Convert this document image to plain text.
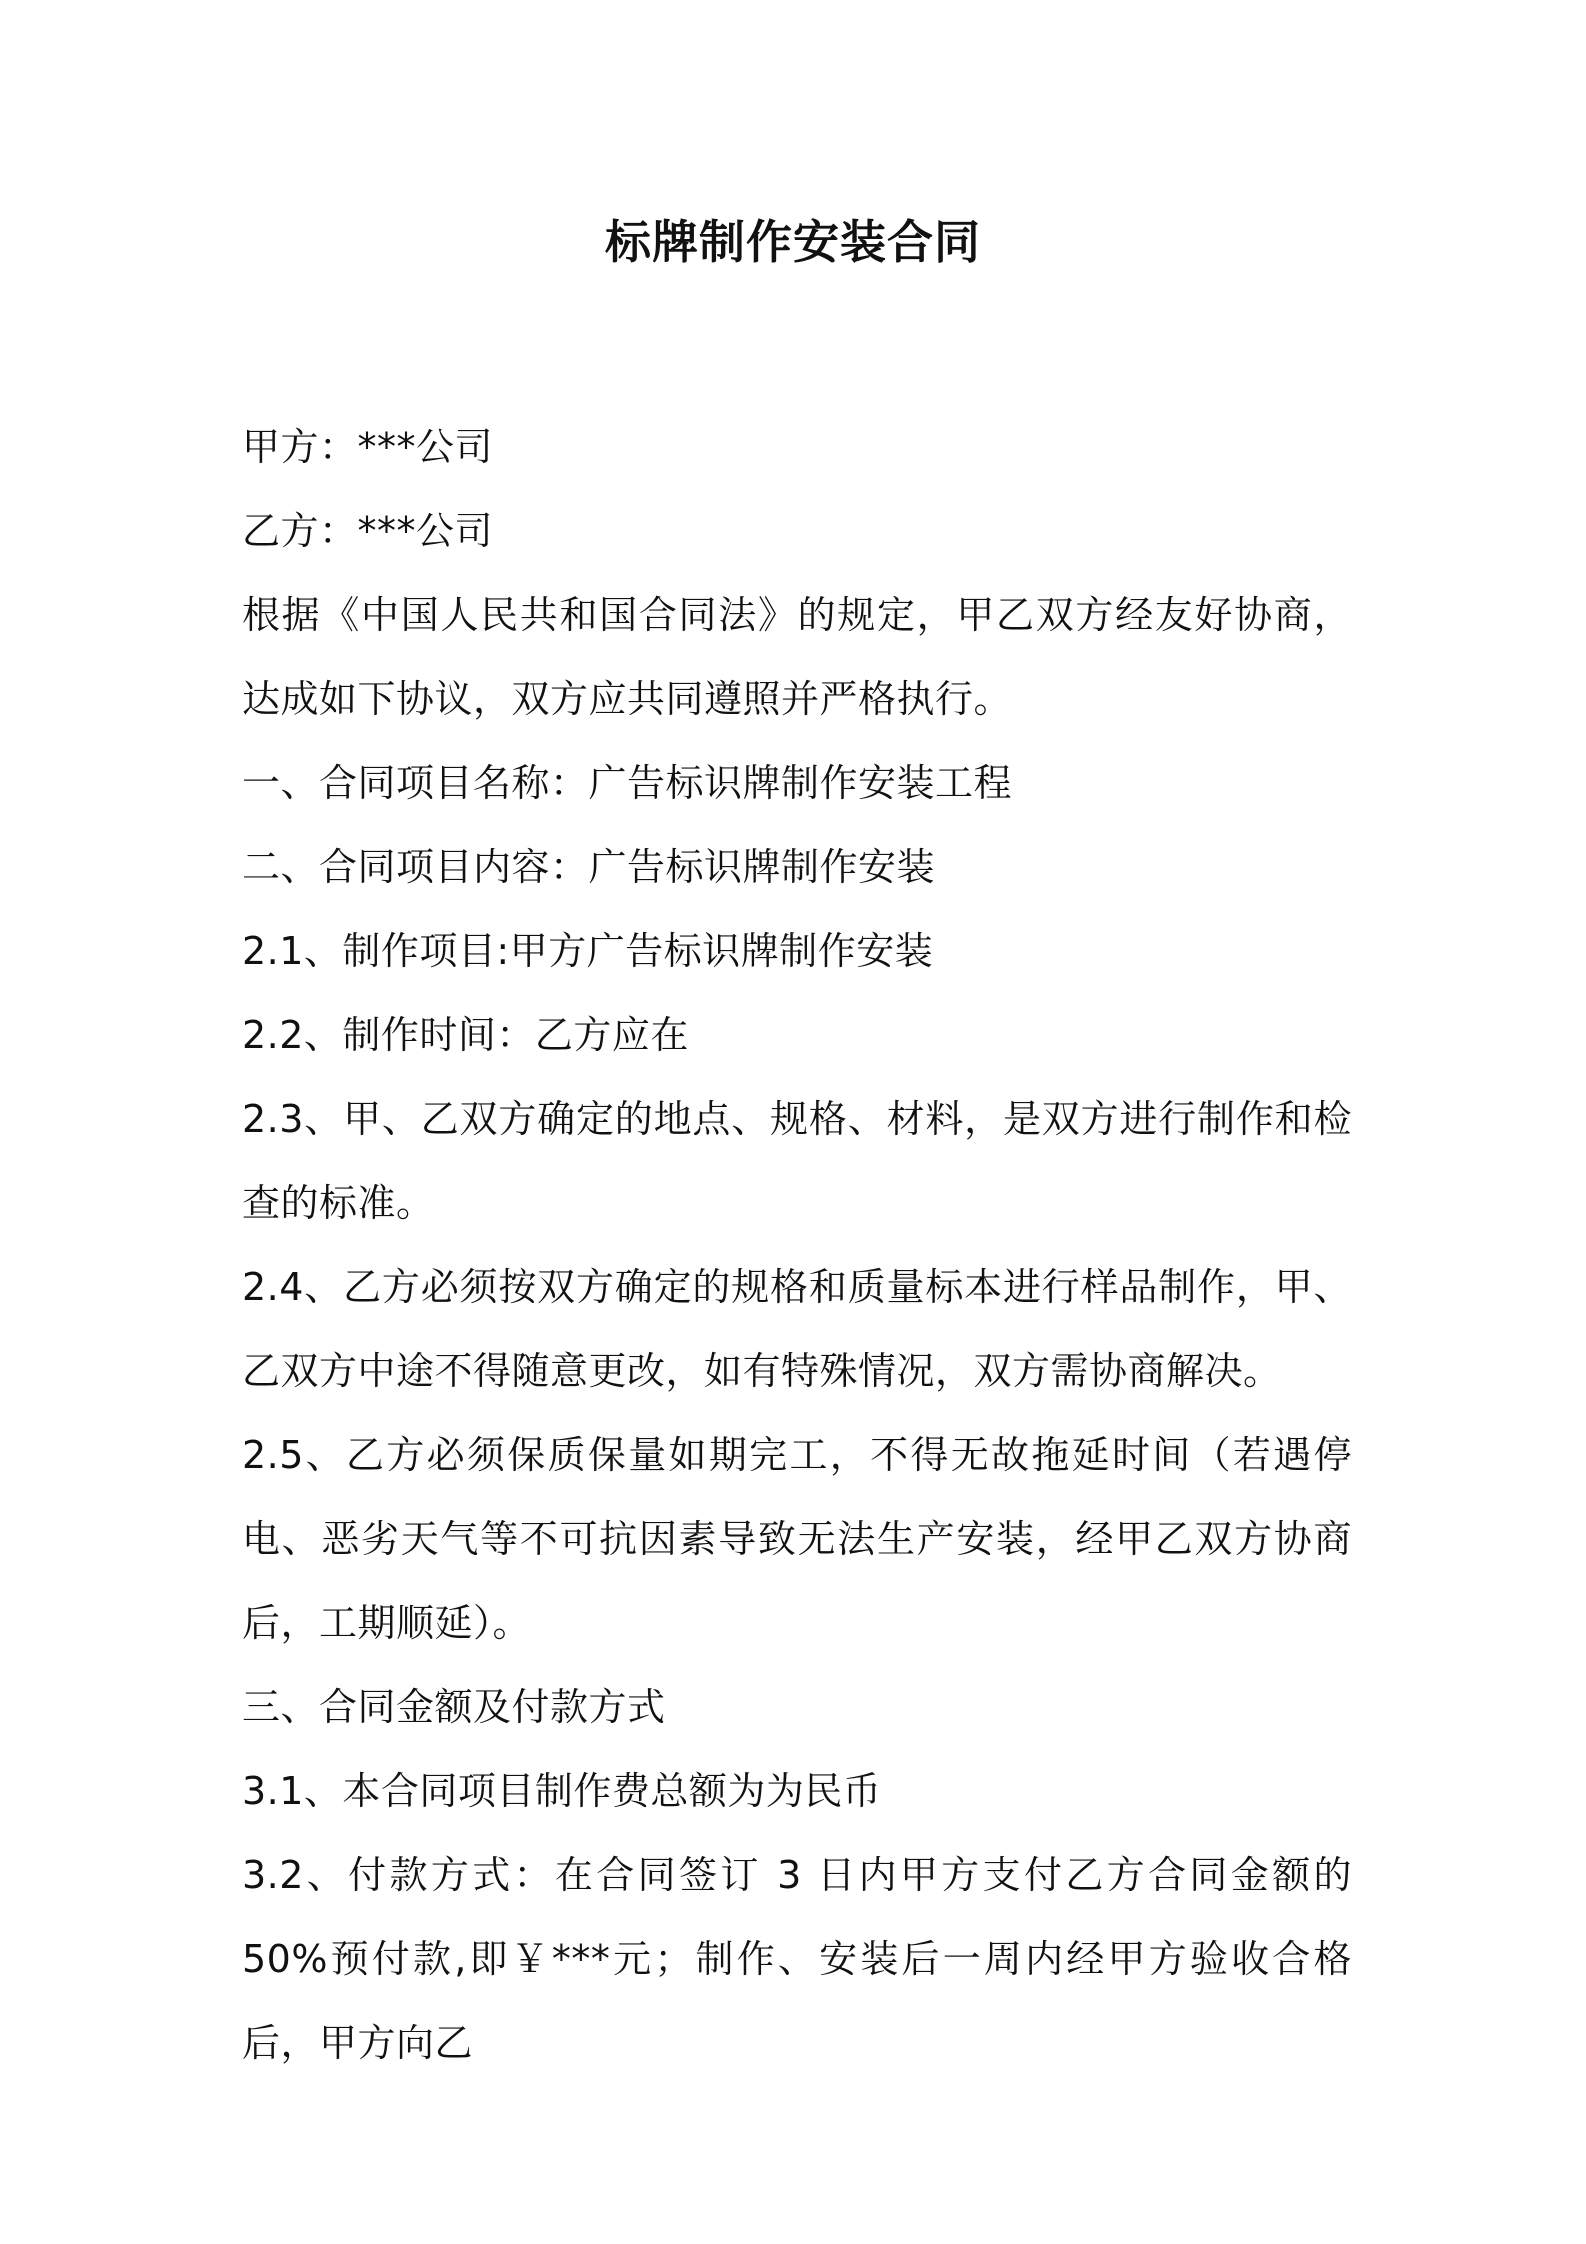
标牌制作安装合同

甲方：***公司

乙方：***公司

根据《中国人民共和国合同法》的规定，甲乙双方经友好协商，达成如下协议，双方应共同遵照并严格执行。

一、合同项目名称：广告标识牌制作安装工程

二、合同项目内容：广告标识牌制作安装

2.1、制作项目:甲方广告标识牌制作安装

2.2、制作时间：乙方应在

2.3、甲、乙双方确定的地点、规格、材料，是双方进行制作和检查的标准。

2.4、乙方必须按双方确定的规格和质量标本进行样品制作，甲、乙双方中途不得随意更改，如有特殊情况，双方需协商解决。

2.5、乙方必须保质保量如期完工，不得无故拖延时间（若遇停电、恶劣天气等不可抗因素导致无法生产安装，经甲乙双方协商后，工期顺延）。

三、合同金额及付款方式

3.1、本合同项目制作费总额为为民币

3.2、付款方式：在合同签订 3 日内甲方支付乙方合同金额的 50%预付款,即￥***元；制作、安装后一周内经甲方验收合格后，甲方向乙
